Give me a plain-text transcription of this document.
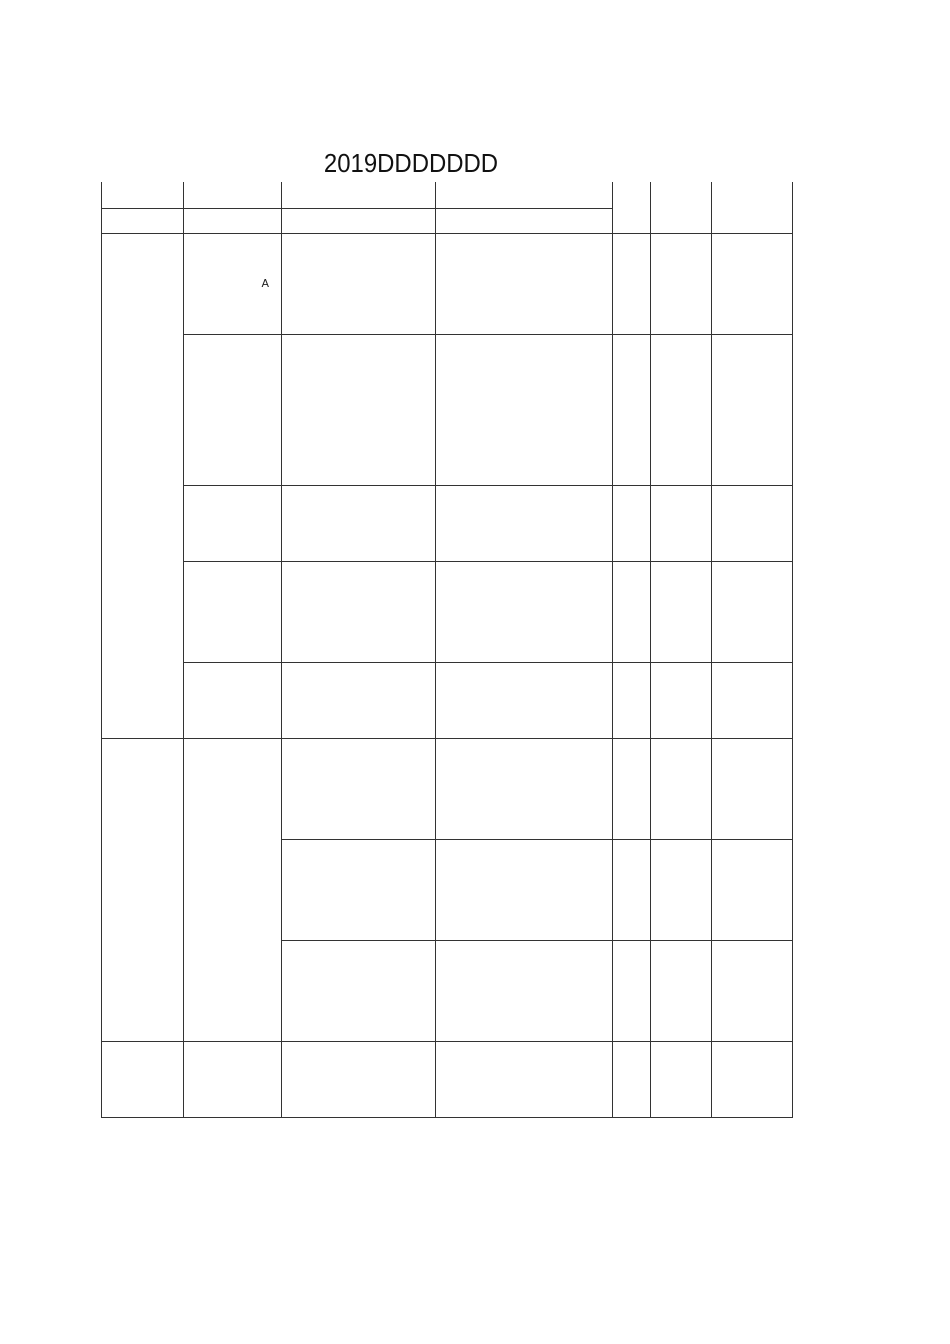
2019DDDDDDD

	A					
